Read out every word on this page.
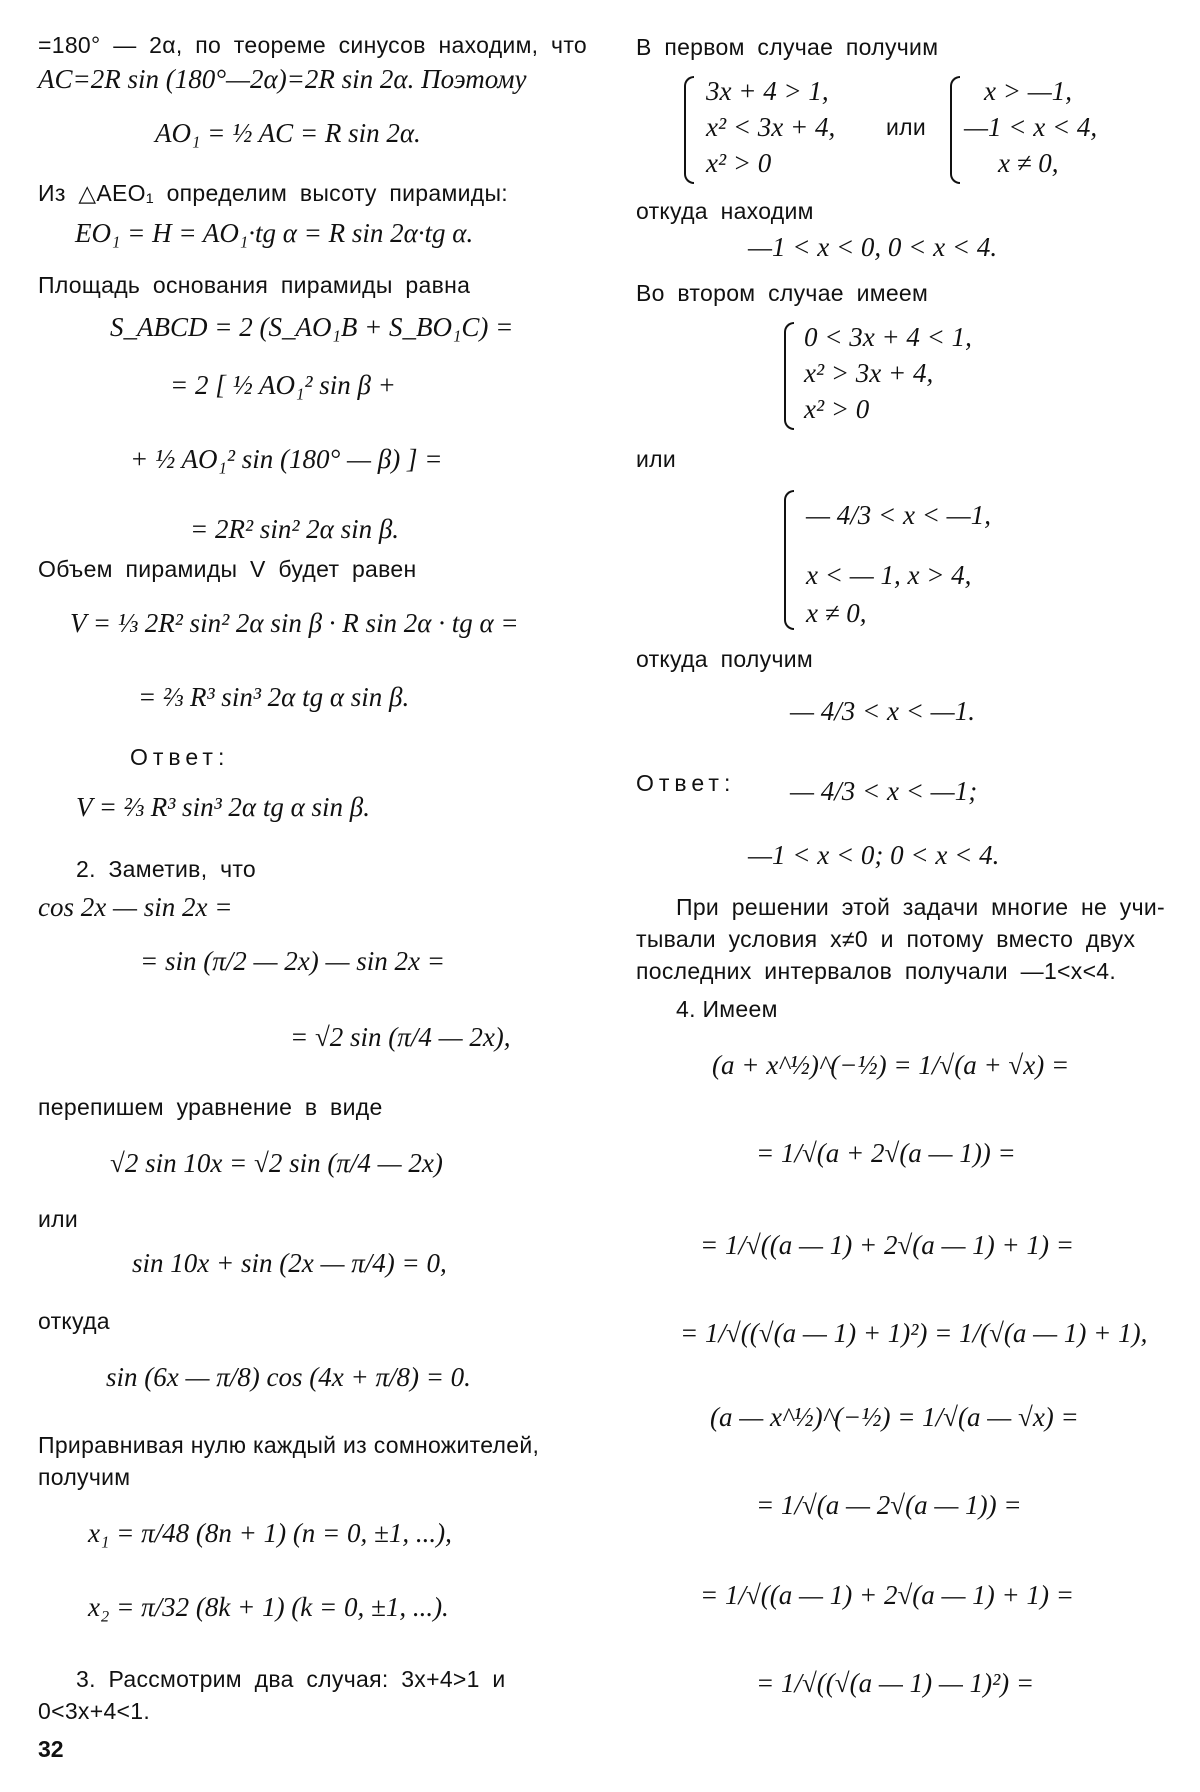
=180° — 2α, по теореме синусов находим, что

AC=2R sin (180°—2α)=2R sin 2α. Поэтому

AO₁ = ½ AC = R sin 2α.

Из △AEO₁ определим высоту пирамиды:

EO₁ = H = AO₁·tg α = R sin 2α·tg α.

Площадь основания пирамиды равна

S_ABCD = 2 (S_AO₁B + S_BO₁C) =

= 2 [ ½ AO₁² sin β +

+ ½ AO₁² sin (180° — β) ] =

= 2R² sin² 2α sin β.

Объем пирамиды V будет равен

V = ⅓ 2R² sin² 2α sin β · R sin 2α · tg α =

= ⅔ R³ sin³ 2α tg α sin β.

Ответ:

V = ⅔ R³ sin³ 2α tg α sin β.

2. Заметив, что

cos 2x — sin 2x =

= sin (π/2 — 2x) — sin 2x =

= √2 sin (π/4 — 2x),

перепишем уравнение в виде

√2 sin 10x = √2 sin (π/4 — 2x)

или

sin 10x + sin (2x — π/4) = 0,

откуда

sin (6x — π/8) cos (4x + π/8) = 0.

Приравнивая нулю каждый из сомножителей,

получим

x₁ = π/48 (8n + 1) (n = 0, ±1, ...),

x₂ = π/32 (8k + 1) (k = 0, ±1, ...).

3. Рассмотрим два случая: 3x+4>1 и

0<3x+4<1.

32

В первом случае получим

3x + 4 > 1,

x² < 3x + 4,

x² > 0

или

x > —1,

—1 < x < 4,

x ≠ 0,

откуда находим

—1 < x < 0, 0 < x < 4.

Во втором случае имеем

0 < 3x + 4 < 1,

x² > 3x + 4,

x² > 0

или

— 4/3 < x < —1,

x < — 1, x > 4,

x ≠ 0,

откуда получим

— 4/3 < x < —1.

Ответ: — 4/3 < x < —1;

—1 < x < 0; 0 < x < 4.

При решении этой задачи многие не учи-

тывали условия x≠0 и потому вместо двух

последних интервалов получали —1<x<4.

4. Имеем

(a + x^½)^(−½) = 1/√(a + √x) =

= 1/√(a + 2√(a — 1)) =

= 1/√((a — 1) + 2√(a — 1) + 1) =

= 1/√((√(a — 1) + 1)²) = 1/(√(a — 1) + 1),

(a — x^½)^(−½) = 1/√(a — √x) =

= 1/√(a — 2√(a — 1)) =

= 1/√((a — 1) + 2√(a — 1) + 1) =

= 1/√((√(a — 1) — 1)²) =
